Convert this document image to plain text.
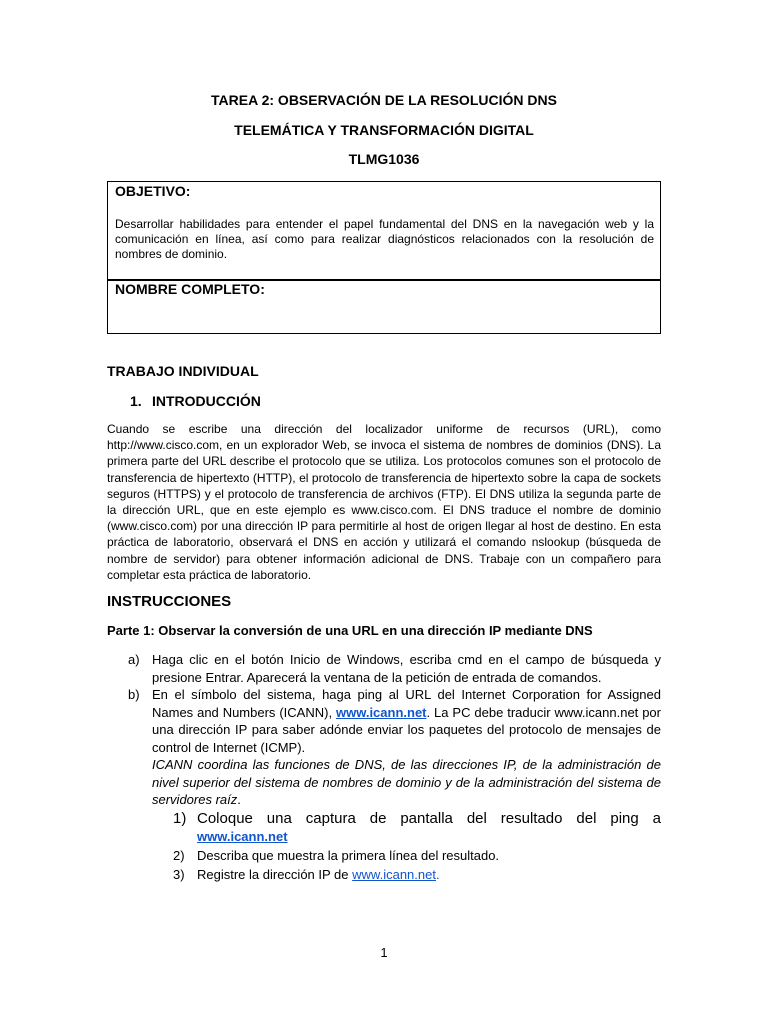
TAREA 2: OBSERVACIÓN DE LA RESOLUCIÓN DNS
TELEMÁTICA Y TRANSFORMACIÓN DIGITAL
TLMG1036
OBJETIVO:
Desarrollar habilidades para entender el papel fundamental del DNS en la navegación web y la comunicación en línea, así como para realizar diagnósticos relacionados con la resolución de nombres de dominio.
NOMBRE COMPLETO:
TRABAJO INDIVIDUAL
1. INTRODUCCIÓN
Cuando se escribe una dirección del localizador uniforme de recursos (URL), como http://www.cisco.com, en un explorador Web, se invoca el sistema de nombres de dominios (DNS). La primera parte del URL describe el protocolo que se utiliza. Los protocolos comunes son el protocolo de transferencia de hipertexto (HTTP), el protocolo de transferencia de hipertexto sobre la capa de sockets seguros (HTTPS) y el protocolo de transferencia de archivos (FTP). El DNS utiliza la segunda parte de la dirección URL, que en este ejemplo es www.cisco.com. El DNS traduce el nombre de dominio (www.cisco.com) por una dirección IP para permitirle al host de origen llegar al host de destino. En esta práctica de laboratorio, observará el DNS en acción y utilizará el comando nslookup (búsqueda de nombre de servidor) para obtener información adicional de DNS. Trabaje con un compañero para completar esta práctica de laboratorio.
INSTRUCCIONES
Parte 1: Observar la conversión de una URL en una dirección IP mediante DNS
a) Haga clic en el botón Inicio de Windows, escriba cmd en el campo de búsqueda y presione Entrar. Aparecerá la ventana de la petición de entrada de comandos.
b) En el símbolo del sistema, haga ping al URL del Internet Corporation for Assigned Names and Numbers (ICANN), www.icann.net. La PC debe traducir www.icann.net por una dirección IP para saber adónde enviar los paquetes del protocolo de mensajes de control de Internet (ICMP).
ICANN coordina las funciones de DNS, de las direcciones IP, de la administración de nivel superior del sistema de nombres de dominio y de la administración del sistema de servidores raíz.
1) Coloque una captura de pantalla del resultado del ping a
www.icann.net
2) Describa que muestra la primera línea del resultado.
3) Registre la dirección IP de www.icann.net.
1
